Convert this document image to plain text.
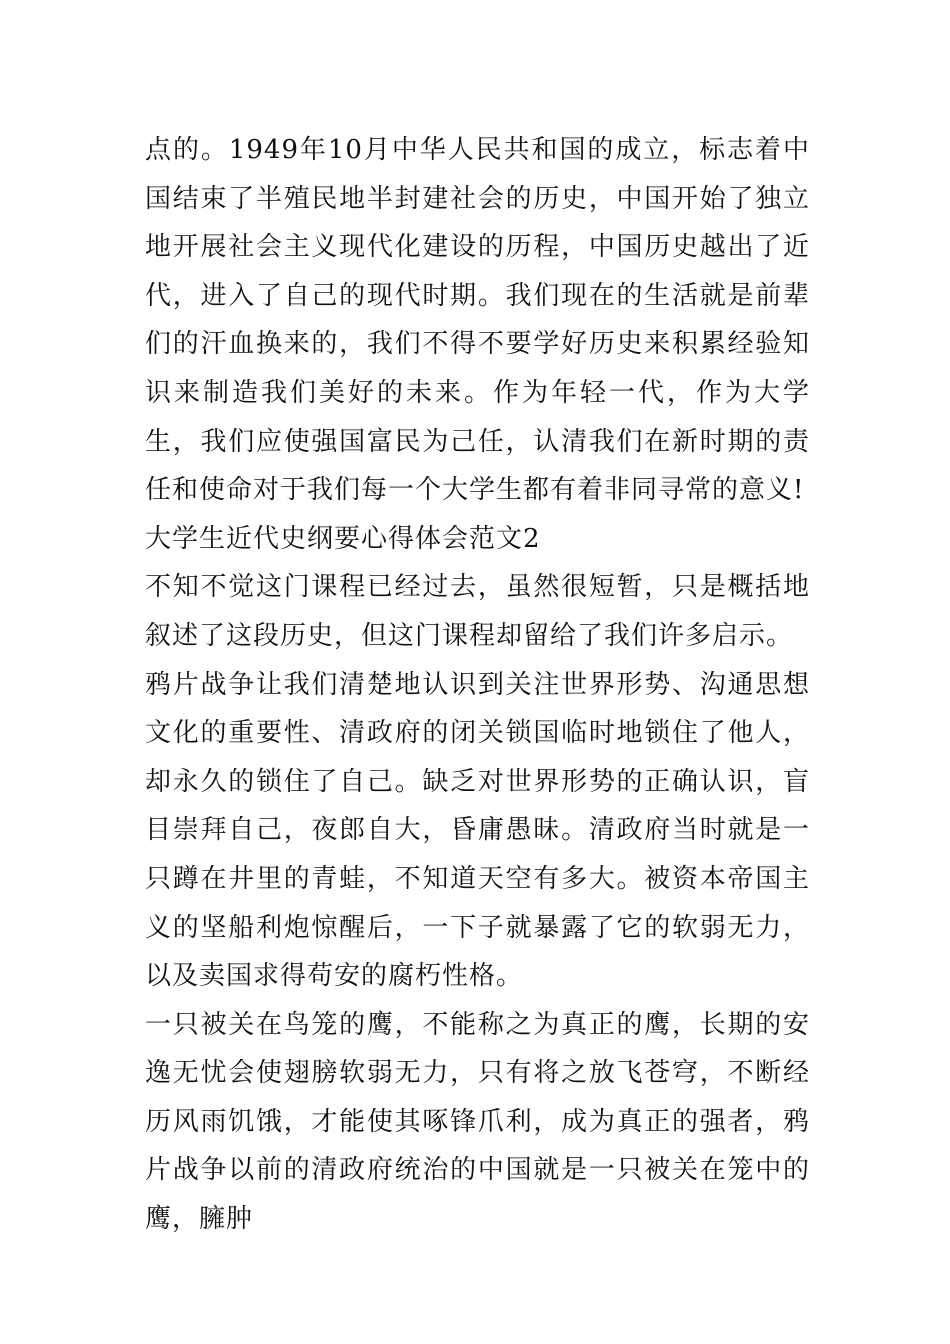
点的。1949年10月中华人民共和国的成立，标志着中国结束了半殖民地半封建社会的历史，中国开始了独立地开展社会主义现代化建设的历程，中国历史越出了近代，进入了自己的现代时期。我们现在的生活就是前辈们的汗血换来的，我们不得不要学好历史来积累经验知识来制造我们美好的未来。作为年轻一代，作为大学生，我们应使强国富民为己任，认清我们在新时期的责任和使命对于我们每一个大学生都有着非同寻常的意义!

大学生近代史纲要心得体会范文2

不知不觉这门课程已经过去，虽然很短暂，只是概括地叙述了这段历史，但这门课程却留给了我们许多启示。

鸦片战争让我们清楚地认识到关注世界形势、沟通思想文化的重要性、清政府的闭关锁国临时地锁住了他人，却永久的锁住了自己。缺乏对世界形势的正确认识，盲目崇拜自己，夜郎自大，昏庸愚昧。清政府当时就是一只蹲在井里的青蛙，不知道天空有多大。被资本帝国主义的坚船利炮惊醒后，一下子就暴露了它的软弱无力，以及卖国求得苟安的腐朽性格。

一只被关在鸟笼的鹰，不能称之为真正的鹰，长期的安逸无忧会使翅膀软弱无力，只有将之放飞苍穹，不断经历风雨饥饿，才能使其啄锋爪利，成为真正的强者，鸦片战争以前的清政府统治的中国就是一只被关在笼中的鹰，臃肿
